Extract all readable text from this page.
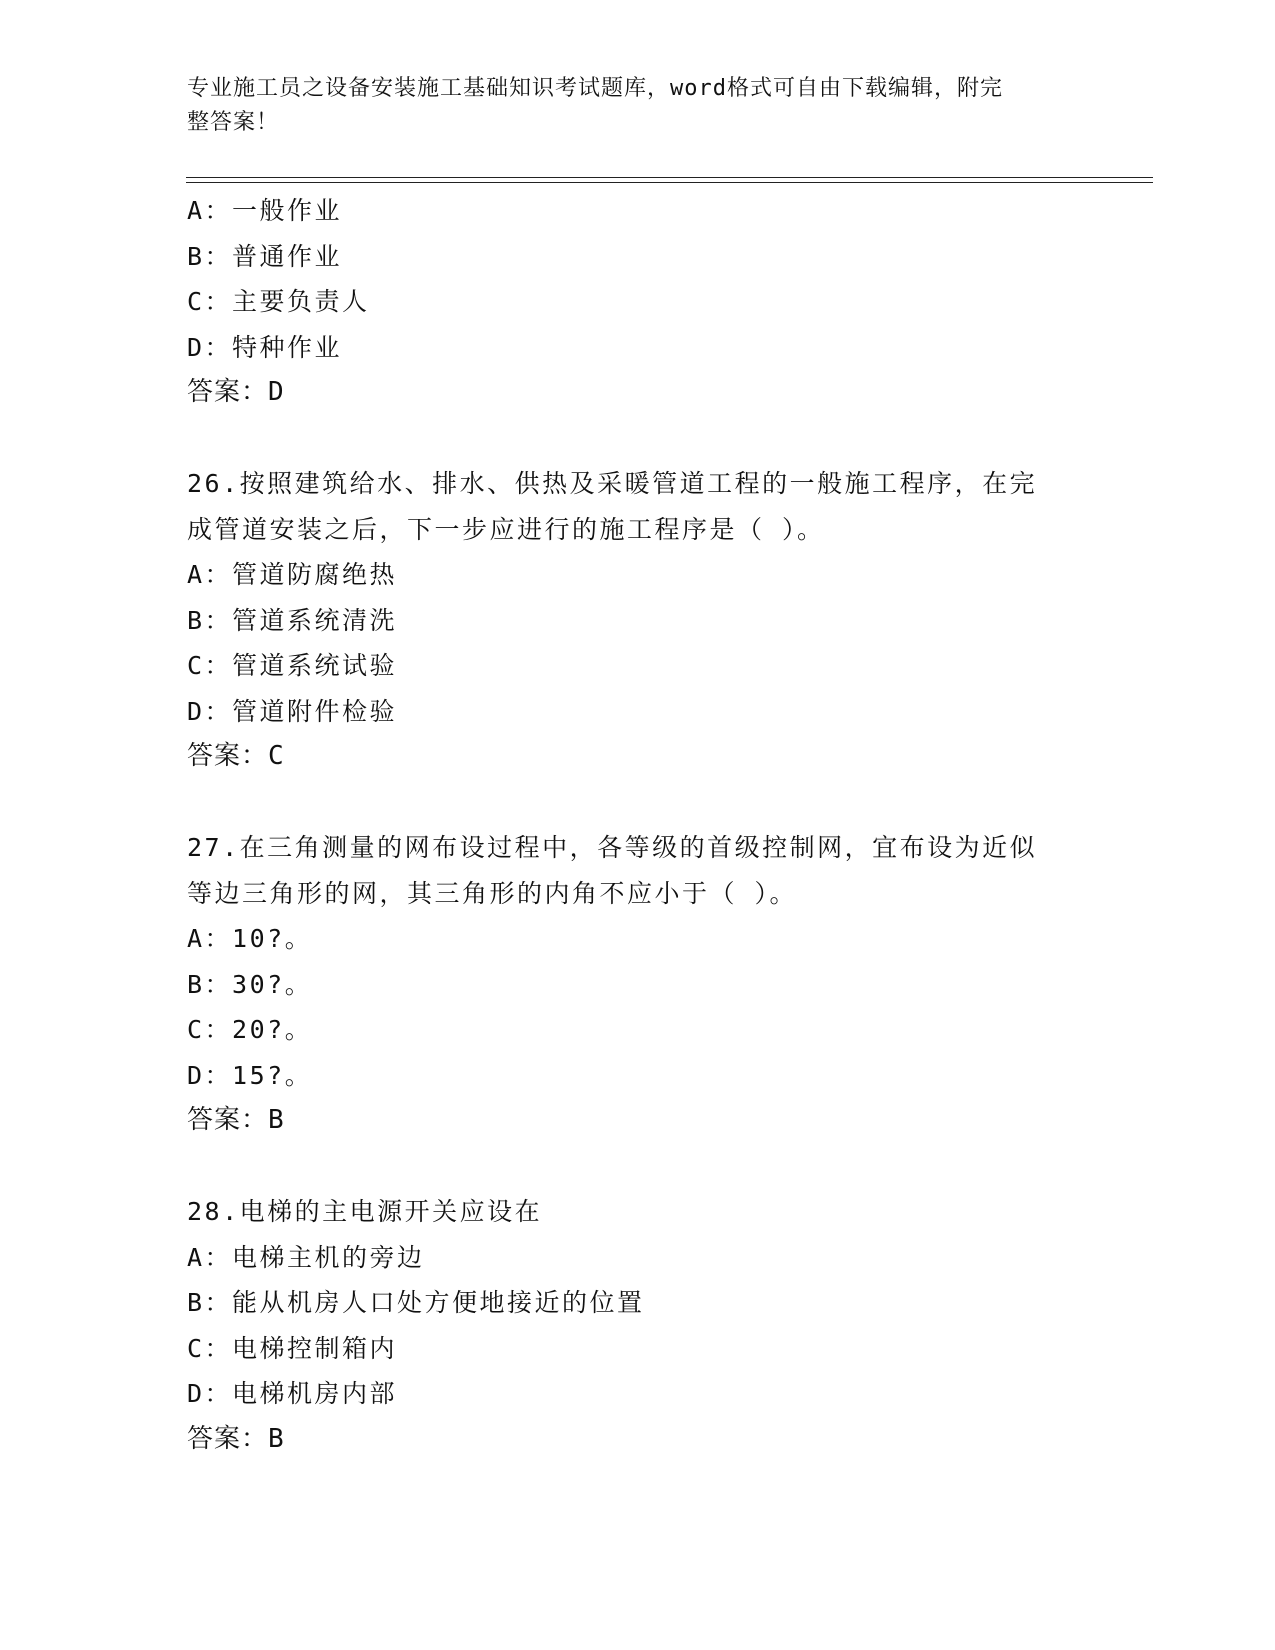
专业施工员之设备安装施工基础知识考试题库，word格式可自由下载编辑，附完
整答案！
A：一般作业
B：普通作业
C：主要负责人
D：特种作业
答案：D
26.按照建筑给水、排水、供热及采暖管道工程的一般施工程序，在完
成管道安装之后，下一步应进行的施工程序是（ ）。
A：管道防腐绝热
B：管道系统清洗
C：管道系统试验
D：管道附件检验
答案：C
27.在三角测量的网布设过程中，各等级的首级控制网，宜布设为近似
等边三角形的网，其三角形的内角不应小于（ ）。
A：10?。
B：30?。
C：20?。
D：15?。
答案：B
28.电梯的主电源开关应设在
A：电梯主机的旁边
B：能从机房人口处方便地接近的位置
C：电梯控制箱内
D：电梯机房内部
答案：B
